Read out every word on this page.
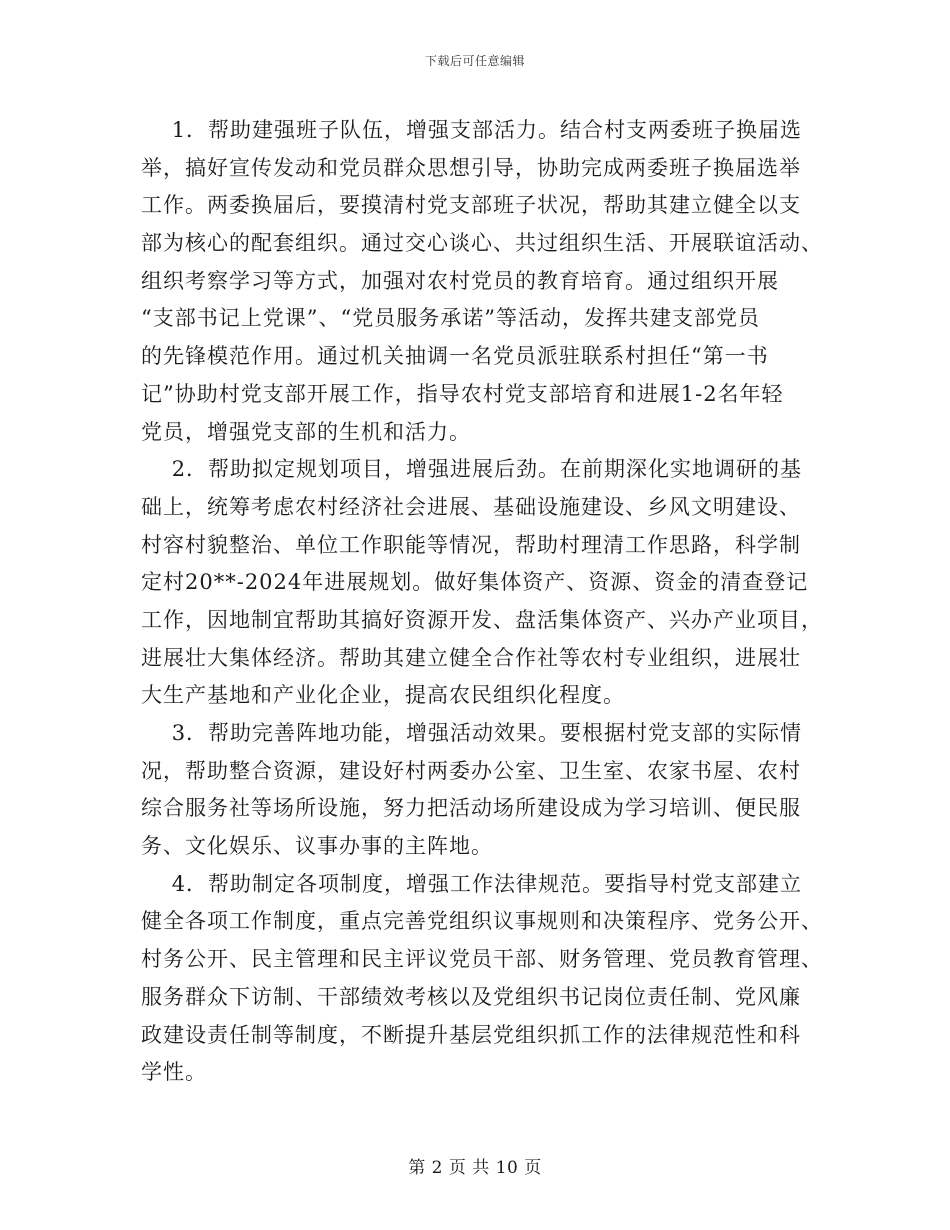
下载后可任意编辑
1．帮助建强班子队伍，增强支部活力。结合村支两委班子换届选
举，搞好宣传发动和党员群众思想引导，协助完成两委班子换届选举
工作。两委换届后，要摸清村党支部班子状况，帮助其建立健全以支
部为核心的配套组织。通过交心谈心、共过组织生活、开展联谊活动、
组织考察学习等方式，加强对农村党员的教育培育。通过组织开展
“支部书记上党课”、“党员服务承诺”等活动，发挥共建支部党员
的先锋模范作用。通过机关抽调一名党员派驻联系村担任“第一书
记”协助村党支部开展工作，指导农村党支部培育和进展1-2名年轻
党员，增强党支部的生机和活力。
2．帮助拟定规划项目，增强进展后劲。在前期深化实地调研的基
础上，统筹考虑农村经济社会进展、基础设施建设、乡风文明建设、
村容村貌整治、单位工作职能等情况，帮助村理清工作思路，科学制
定村20**-2024年进展规划。做好集体资产、资源、资金的清查登记
工作，因地制宜帮助其搞好资源开发、盘活集体资产、兴办产业项目，
进展壮大集体经济。帮助其建立健全合作社等农村专业组织，进展壮
大生产基地和产业化企业，提高农民组织化程度。
3．帮助完善阵地功能，增强活动效果。要根据村党支部的实际情
况，帮助整合资源，建设好村两委办公室、卫生室、农家书屋、农村
综合服务社等场所设施，努力把活动场所建设成为学习培训、便民服
务、文化娱乐、议事办事的主阵地。
4．帮助制定各项制度，增强工作法律规范。要指导村党支部建立
健全各项工作制度，重点完善党组织议事规则和决策程序、党务公开、
村务公开、民主管理和民主评议党员干部、财务管理、党员教育管理、
服务群众下访制、干部绩效考核以及党组织书记岗位责任制、党风廉
政建设责任制等制度，不断提升基层党组织抓工作的法律规范性和科
学性。
第 2 页 共 10 页
